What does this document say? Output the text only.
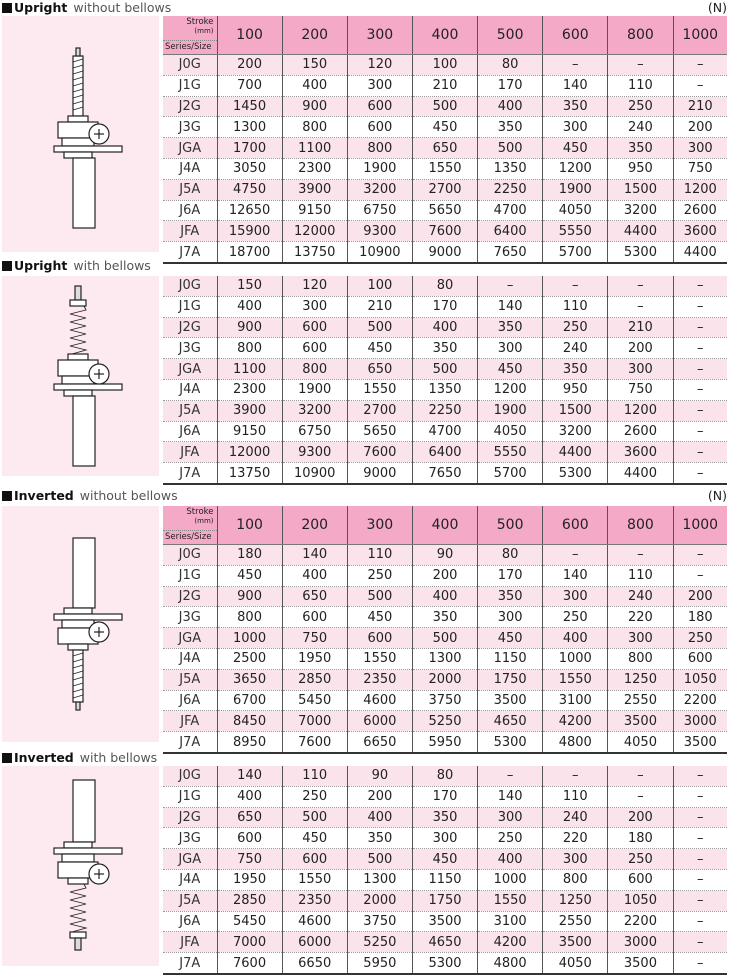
Upright without bellows	(N)
Stroke
(mm)
Series/Size	100	200	300	400	500	600	800	1000
J0G	200	150	120	100	80	–	–	–
J1G	700	400	300	210	170	140	110	–
J2G	1450	900	600	500	400	350	250	210
J3G	1300	800	600	450	350	300	240	200
JGA	1700	1100	800	650	500	450	350	300
J4A	3050	2300	1900	1550	1350	1200	950	750
J5A	4750	3900	3200	2700	2250	1900	1500	1200
J6A	12650	9150	6750	5650	4700	4050	3200	2600
JFA	15900	12000	9300	7600	6400	5550	4400	3600
J7A	18700	13750	10900	9000	7650	5700	5300	4400
Upright with bellows
J0G	150	120	100	80	–	–	–	–
J1G	400	300	210	170	140	110	–	–
J2G	900	600	500	400	350	250	210	–
J3G	800	600	450	350	300	240	200	–
JGA	1100	800	650	500	450	350	300	–
J4A	2300	1900	1550	1350	1200	950	750	–
J5A	3900	3200	2700	2250	1900	1500	1200	–
J6A	9150	6750	5650	4700	4050	3200	2600	–
JFA	12000	9300	7600	6400	5550	4400	3600	–
J7A	13750	10900	9000	7650	5700	5300	4400	–
Inverted without bellows	(N)
Stroke
(mm)
Series/Size	100	200	300	400	500	600	800	1000
J0G	180	140	110	90	80	–	–	–
J1G	450	400	250	200	170	140	110	–
J2G	900	650	500	400	350	300	240	200
J3G	800	600	450	350	300	250	220	180
JGA	1000	750	600	500	450	400	300	250
J4A	2500	1950	1550	1300	1150	1000	800	600
J5A	3650	2850	2350	2000	1750	1550	1250	1050
J6A	6700	5450	4600	3750	3500	3100	2550	2200
JFA	8450	7000	6000	5250	4650	4200	3500	3000
J7A	8950	7600	6650	5950	5300	4800	4050	3500
Inverted with bellows
J0G	140	110	90	80	–	–	–	–
J1G	400	250	200	170	140	110	–	–
J2G	650	500	400	350	300	240	200	–
J3G	600	450	350	300	250	220	180	–
JGA	750	600	500	450	400	300	250	–
J4A	1950	1550	1300	1150	1000	800	600	–
J5A	2850	2350	2000	1750	1550	1250	1050	–
J6A	5450	4600	3750	3500	3100	2550	2200	–
JFA	7000	6000	5250	4650	4200	3500	3000	–
J7A	7600	6650	5950	5300	4800	4050	3500	–
